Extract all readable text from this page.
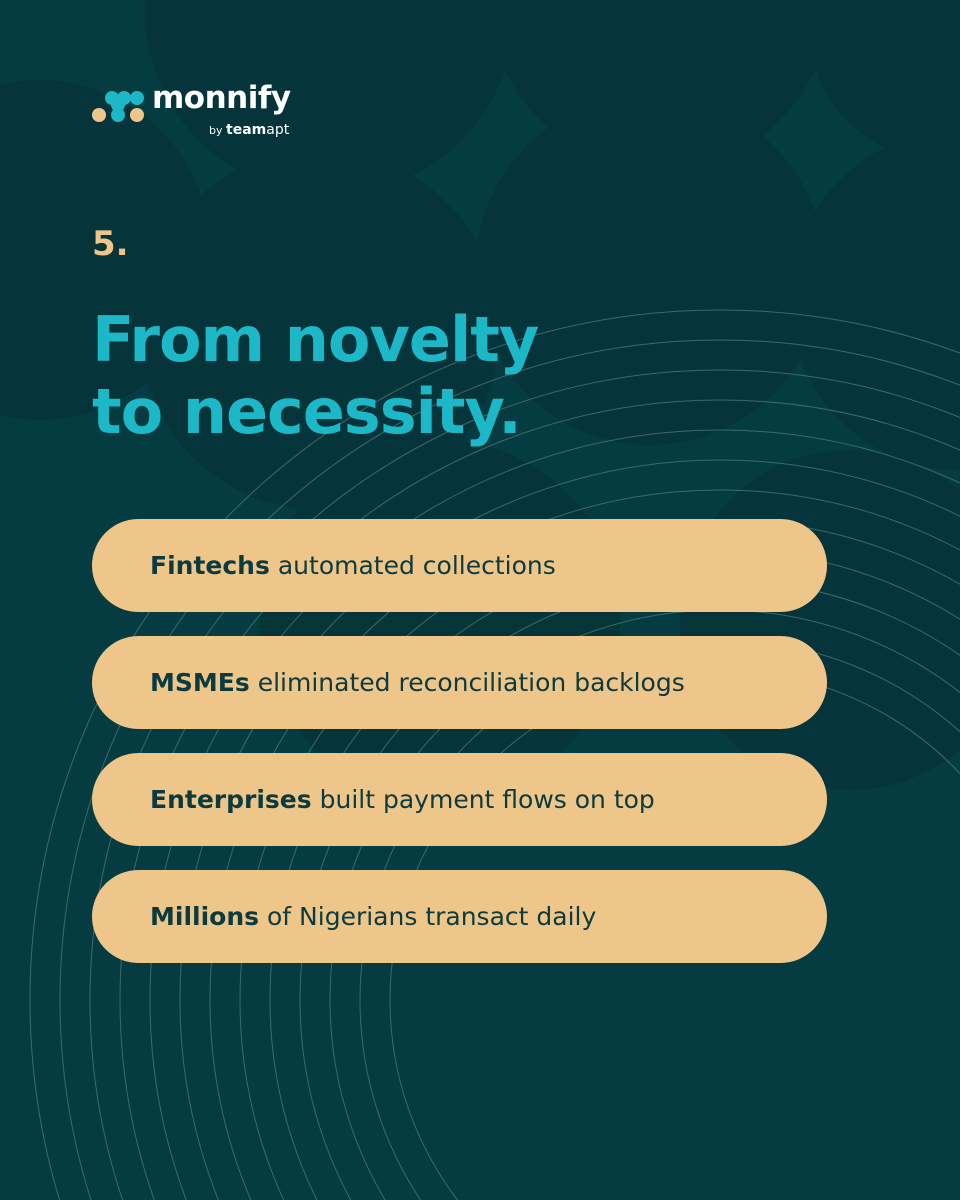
monnify
by teamapt
5.
From novelty
to necessity.
Fintechs automated collections
MSMEs eliminated reconciliation backlogs
Enterprises built payment flows on top
Millions of Nigerians transact daily
